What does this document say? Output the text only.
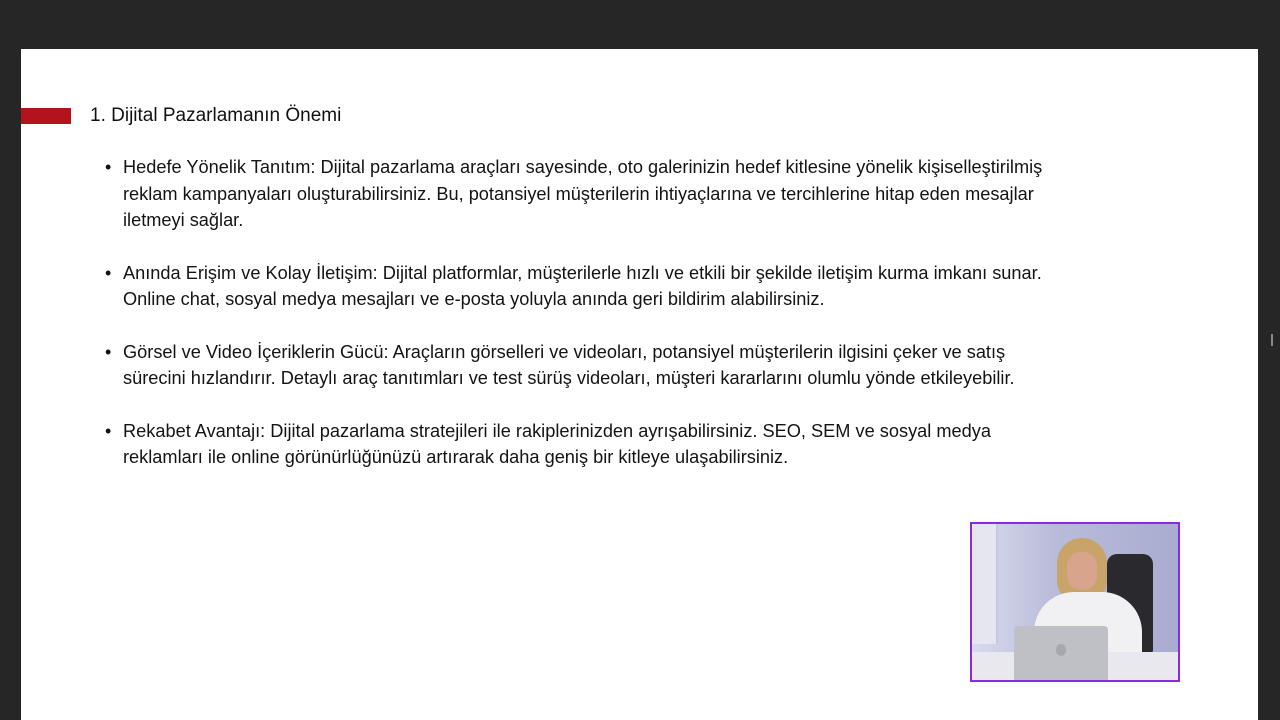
1. Dijital Pazarlamanın Önemi
• Hedefe Yönelik Tanıtım: Dijital pazarlama araçları sayesinde, oto galerinizin hedef kitlesine yönelik kişiselleştirilmiş reklam kampanyaları oluşturabilirsiniz. Bu, potansiyel müşterilerin ihtiyaçlarına ve tercihlerine hitap eden mesajlar iletmeyi sağlar.
• Anında Erişim ve Kolay İletişim: Dijital platformlar, müşterilerle hızlı ve etkili bir şekilde iletişim kurma imkanı sunar. Online chat, sosyal medya mesajları ve e-posta yoluyla anında geri bildirim alabilirsiniz.
• Görsel ve Video İçeriklerin Gücü: Araçların görselleri ve videoları, potansiyel müşterilerin ilgisini çeker ve satış sürecini hızlandırır. Detaylı araç tanıtımları ve test sürüş videoları, müşteri kararlarını olumlu yönde etkileyebilir.
• Rekabet Avantajı: Dijital pazarlama stratejileri ile rakiplerinizden ayrışabilirsiniz. SEO, SEM ve sosyal medya reklamları ile online görünürlüğünüzü artırarak daha geniş bir kitleye ulaşabilirsiniz.
